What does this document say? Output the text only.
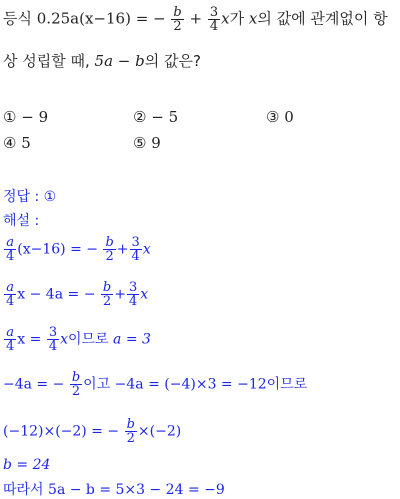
등식 0.25a(x−16) = − $\frac{b}{2} + \frac{3}{4}$ x가 x의 값에 관계없이 항
상 성립할 때, 5a − b의 값은?
① − 9	② − 5	③ 0
④ 5	⑤ 9
정답 : ①
해설 :
$\frac{a}{4} (x-16)$ = − $\frac{b}{2} + \frac{3}{4}$ x
$\frac{a}{4}$ x − 4a = − $\frac{b}{2} + \frac{3}{4}$ x
$\frac{a}{4}$ $x = \frac{3}{4}$ x이므로 a = 3
−4a = − $\frac{b}{2}$ 이고 −4a = (−4)×3 = −12이므로
(−12)×(−2) = − $\frac{b}{2} \times(-2)$
b = 24
따라서 5a − b = 5×3 − 24 = −9
